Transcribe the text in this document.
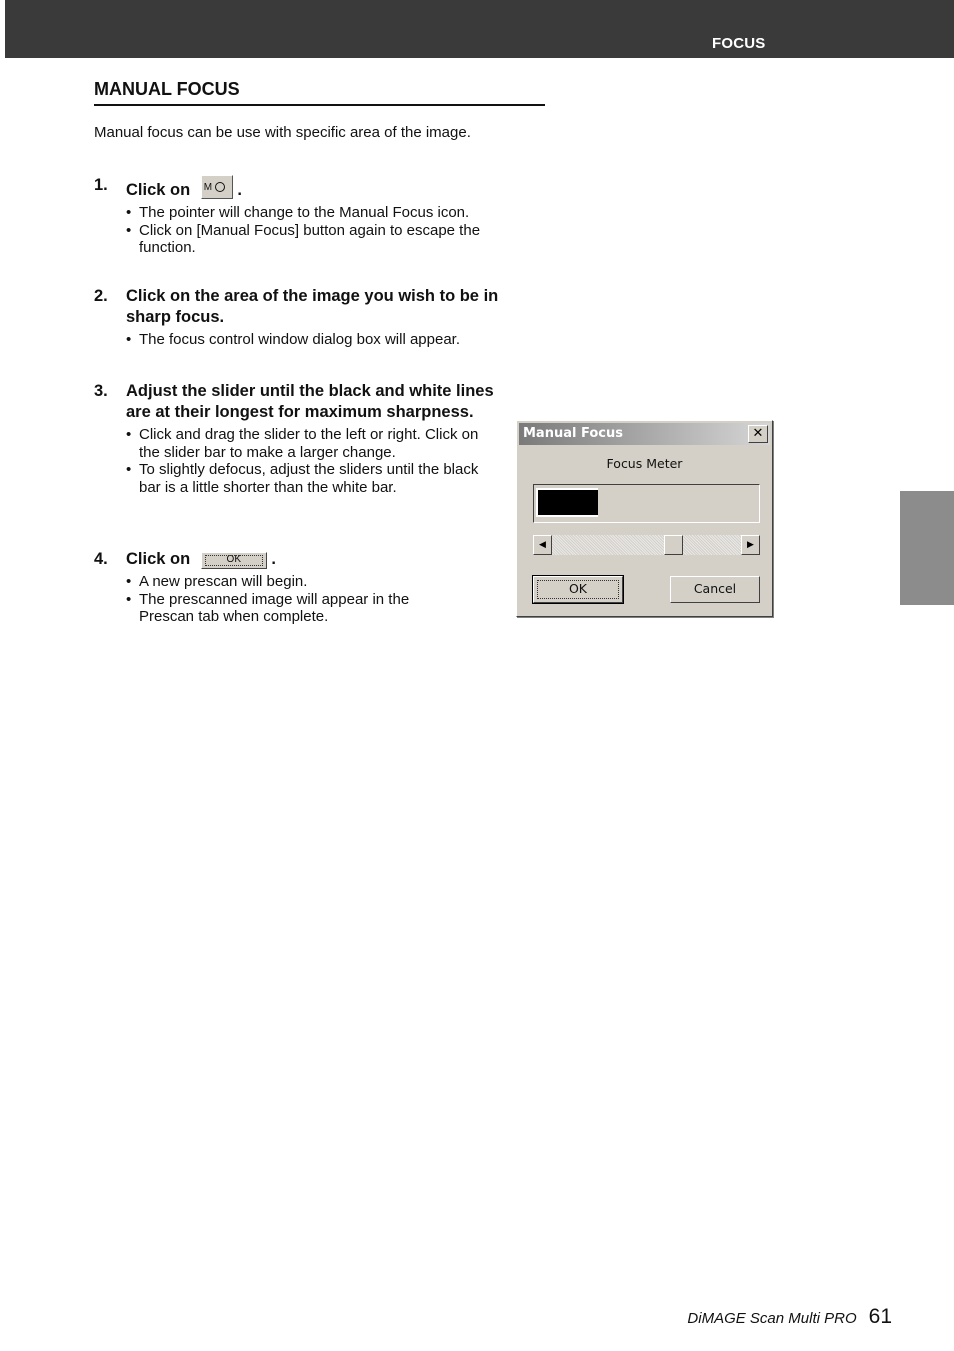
FOCUS
MANUAL FOCUS
Manual focus can be use with specific area of the image.
1.	Click on M .
• The pointer will change to the Manual Focus icon.
• Click on [Manual Focus] button again to escape the function.
2.	Click on the area of the image you wish to be in sharp focus.
• The focus control window dialog box will appear.
3.	Adjust the slider until the black and white lines are at their longest for maximum sharpness.
• Click and drag the slider to the left or right. Click on the slider bar to make a larger change.
• To slightly defocus, adjust the sliders until the black bar is a little shorter than the white bar.
4.	Click on	OK .
• A new prescan will begin.
• The prescanned image will appear in the Prescan tab when complete.
Manual Focus	✕
Focus Meter
◀	▶
OK	Cancel
DiMAGE Scan Multi PRO 61
